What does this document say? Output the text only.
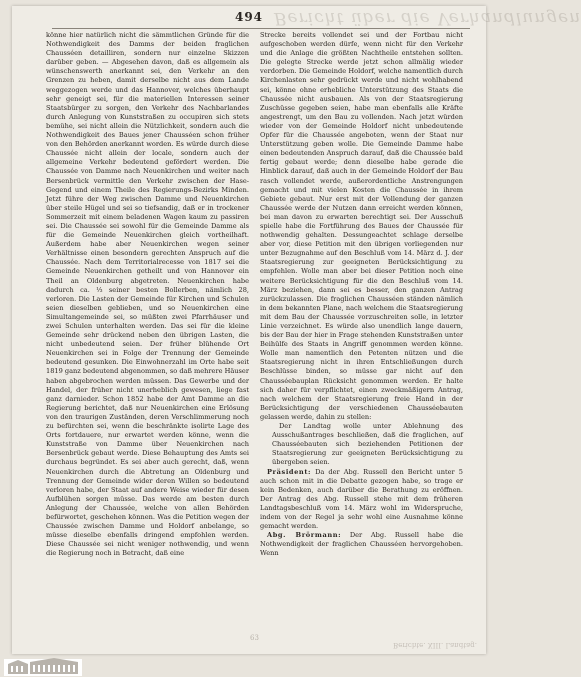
Bericht über die Verhandlungen
494

könne hier natürlich nicht die sämmtlichen Gründe für die Nothwendigkeit des Damms der beiden fraglichen Chausséen detailliren, sondern nur einzelne Skizzen darüber geben. — Abgesehen davon, daß es allgemein als wünschenswerth anerkannt sei, den Verkehr an den Grenzen zu heben, damit derselbe nicht aus dem Lande weggezogen werde und das Hannover, welches überhaupt sehr geneigt sei, für die materiellen Interessen seiner Staatsbürger zu sorgen, den Verkehr des Nachbarlandes durch Anlegung von Kunststraßen zu occupiren sich stets bemühe, sei nicht allein die Nützlichkeit, sondern auch die Nothwendigkeit des Baues jener Chausséen schon früher von den Behörden anerkannt worden. Es würde durch diese Chaussée nicht allein der locale, sondern auch der allgemeine Verkehr bedeutend gefördert werden. Die Chaussée von Damme nach Neuenkirchen und weiter nach Bersenbrück vermittle den Verkehr zwischen der Hase-Gegend und einem Theile des Regierungs-Bezirks Minden. Jetzt führe der Weg zwischen Damme und Neuenkirchen über steile Hügel und sei so tiefsandig, daß er in trockener Sommerzeit mit einem beladenen Wagen kaum zu passiren sei. Die Chaussée sei sowohl für die Gemeinde Damme als für die Gemeinde Neuenkirchen gleich vortheilhaft. Außerdem habe aber Neuenkirchen wegen seiner Verhältnisse einen besondern gerechten Anspruch auf die Chaussée. Nach dem Territorialrecesse von 1817 sei die Gemeinde Neuenkirchen getheilt und von Hannover ein Theil an Oldenburg abgetreten. Neuenkirchen habe dadurch ca. ⅓ seiner besten Bollerben, nämlich 28, verloren. Die Lasten der Gemeinde für Kirchen und Schulen seien dieselben geblieben, und so Neuenkirchen eine Simultangemeinde sei, so müßten zwei Pfarrhäuser und zwei Schulen unterhalten werden. Das sei für die kleine Gemeinde sehr drückend neben den übrigen Lasten, die nicht unbedeutend seien. Der früher blühende Ort Neuenkirchen sei in Folge der Trennung der Gemeinde bedeutend gesunken. Die Einwohnerzahl im Orte habe seit 1819 ganz bedeutend abgenommen, so daß mehrere Häuser haben abgebrochen werden müssen. Das Gewerbe und der Handel, der früher nicht unerheblich gewesen, liege fast ganz darnieder. Schon 1852 habe der Amt Damme an die Regierung berichtet, daß nur Neuenkirchen eine Erlösung von den traurigen Zuständen, deren Verschlimmerung noch zu befürchten sei, wenn die beschränkte isolirte Lage des Orts fortdauere, nur erwartet werden könne, wenn die Kunststraße von Damme über Neuenkirchen nach Bersenbrück gebaut werde. Diese Behauptung des Amts sei durchaus begründet. Es sei aber auch gerecht, daß, wenn Neuenkirchen durch die Abtretung an Oldenburg und Trennung der Gemeinde wider deren Willen so bedeutend verloren habe, der Staat auf andere Weise wieder für desen Aufblühen sorgen müsse. Das werde am besten durch Anlegung der Chaussée, welche von allen Behörden befürwortet, geschehen können. Was die Petition wegen der Chaussée zwischen Damme und Holdorf anbelange, so müsse dieselbe ebenfalls dringend empfohlen werden. Diese Chaussée sei nicht weniger nothwendig, und wenn die Regierung noch in Betracht, daß eine

Strecke bereits vollendet sei und der Fortbau nicht aufgeschoben werden dürfe, wenn nicht für den Verkehr und die Anlage die größten Nachtheile entstehen sollten. Die gelegte Strecke werde jetzt schon allmälig wieder verdorben. Die Gemeinde Holdorf, welche namentlich durch Kirchenlasten sehr gedrückt werde und nicht wohlhabend sei, könne ohne erhebliche Unterstützung des Staats die Chaussée nicht ausbauen. Als von der Staatsregierung Zuschüsse gegeben seien, habe man ebenfalls alle Kräfte angestrengt, um den Bau zu vollenden. Nach jetzt würden wieder von der Gemeinde Holdorf nicht unbedeutende Opfer für die Chaussée angeboten, wenn der Staat nur Unterstützung geben wolle. Die Gemeinde Damme habe einen bedeutenden Anspruch darauf, daß die Chaussée bald fertig gebaut werde; denn dieselbe habe gerade die Hinblick darauf, daß auch in der Gemeinde Holdorf der Bau rasch vollendet werde, außerordentliche Anstrengungen gemacht und mit vielen Kosten die Chaussée in ihrem Gebiete gebaut. Nur erst mit der Vollendung der ganzen Chaussée werde der Nutzen dann erreicht werden können, bei man davon zu erwarten berechtigt sei. Der Ausschuß spielle habe die Fortführung des Baues der Chaussée für nothwendig gehalten. Dessungeachtet schlage derselbe aber vor, diese Petition mit den übrigen vorliegenden nur unter Bezugnahme auf den Beschluß vom 14. März d. J. der Staatsregierung zur geeigneten Berücksichtigung zu empfehlen. Wolle man aber bei dieser Petition noch eine weitere Berücksichtigung für die den Beschluß vom 14. März beziehen, dann sei es besser, den ganzen Antrag zurückzulassen. Die fraglichen Chausséen ständen nämlich in dem bekannten Plane, nach welchem die Staatsregierung mit dem Bau der Chaussée vorzuschreiten solle, in letzter Linie verzeichnet. Es würde also unendlich lange dauern, bis der Bau der hier in Frage stehenden Kunststraßen unter Beihülfe des Staats in Angriff genommen werden könne. Wolle man namentlich den Petenten nützen und die Staatsregierung nicht in ihren Entschließungen durch Beschlüsse binden, so müsse gar nicht auf den Chausséebauplan Rücksicht genommen werden. Er halte sich daher für verpflichtet, einen zweckmäßigern Antrag, nach welchem der Staatsregierung freie Hand in der Berücksichtigung der verschiedenen Chausséebauten gelassen werde, dahin zu stellen:

Der Landtag wolle unter Ablehnung des Ausschußantrages beschließen, daß die fraglichen, auf Chausséebauten sich beziehenden Petitionen der Staatsregierung zur geeigneten Berücksichtigung zu übergeben seien.

Präsident: Da der Abg. Russell den Bericht unter 5 auch schon mit in die Debatte gezogen habe, so trage er kein Bedenken, auch darüber die Berathung zu eröffnen. Der Antrag des Abg. Russell stehe mit dem früheren Landtagsbeschluß vom 14. März wohl im Widerspruche, indem von der Regel ja sehr wohl eine Ausnahme könne gemacht werden.

Abg. Brörmann: Der Abg. Russell habe die Nothwendigkeit der fraglichen Chausséen hervorgehoben. Wenn

63
Berichte. XIII. Landtag.
